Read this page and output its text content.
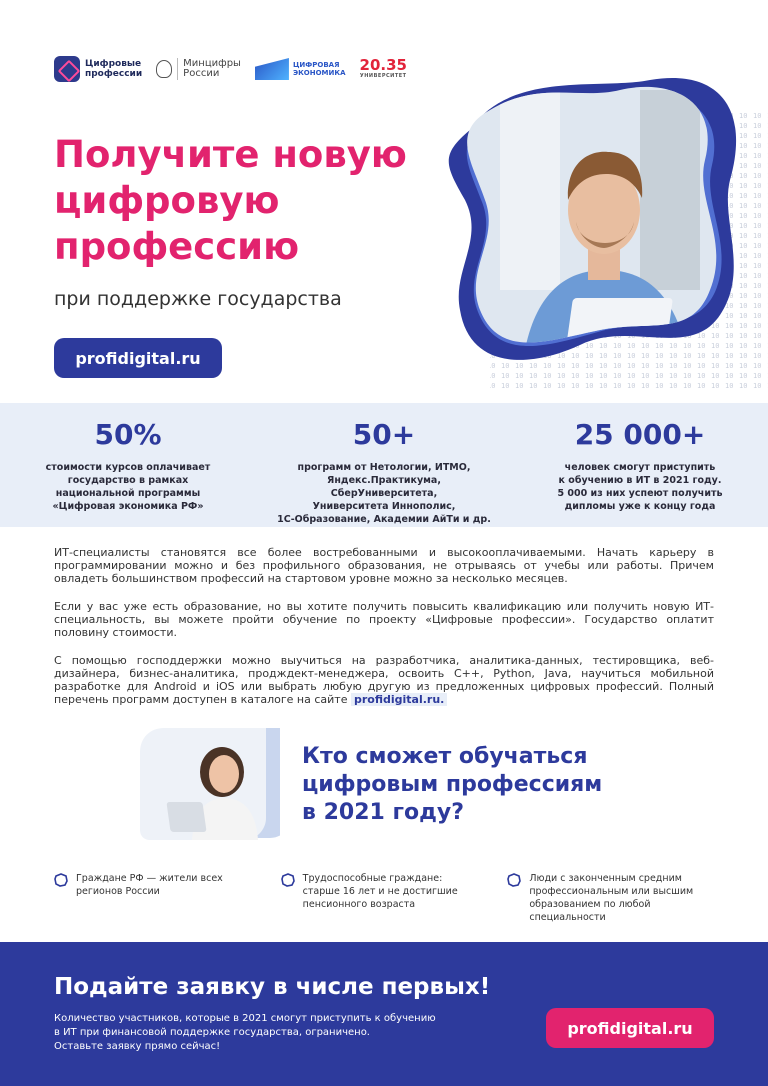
Цифровые
профессии
Минцифры
России
ЦИФРОВАЯ
ЭКОНОМИКА 20.35
УНИВЕРСИТЕТ
Получите новую цифровую профессию
при поддержке государства
profidigital.ru
50%
стоимости курсов оплачивает
государство в рамках
национальной программы
«Цифровая экономика РФ»
50+
программ от Нетологии, ИТМО,
Яндекс.Практикума, СберУниверситета,
Университета Иннополис,
1С-Образование, Академии АйТи и др.
25 000+
человек смогут приступить
к обучению в ИТ в 2021 году.
5 000 из них успеют получить
дипломы уже к концу года

ИТ-специалисты становятся все более востребованными и высокооплачиваемыми. Начать карьеру в программировании можно и без профильного образования, не отрываясь от учебы или работы. Причем овладеть большинством профессий на стартовом уровне можно за несколько месяцев.

Если у вас уже есть образование, но вы хотите получить повысить квалификацию или получить новую ИТ-специальность, вы можете пройти обучение по проекту «Цифровые профессии». Государство оплатит половину стоимости.

С помощью господдержки можно выучиться на разработчика, аналитика-данных, тестировщика, веб-дизайнера, бизнес-аналитика, продждект-менеджера, освоить С++, Python, Java, научиться мобильной разработке для Android и iOS или выбрать любую другую из предложенных цифровых профессий. Полный перечень программ доступен в каталоге на сайте profidigital.ru.

Кто сможет обучаться
цифровым профессиям
в 2021 году?
Граждане РФ — жители всех
регионов России
Трудоспособные граждане:
старше 16 лет и не достигшие
пенсионного возраста
Люди с законченным средним
профессиональным или высшим
образованием по любой
специальности
Подайте заявку в числе первых!
Количество участников, которые в 2021 смогут приступить к обучению
в ИТ при финансовой поддержке государства, ограничено.
Оставьте заявку прямо сейчас!
profidigital.ru
